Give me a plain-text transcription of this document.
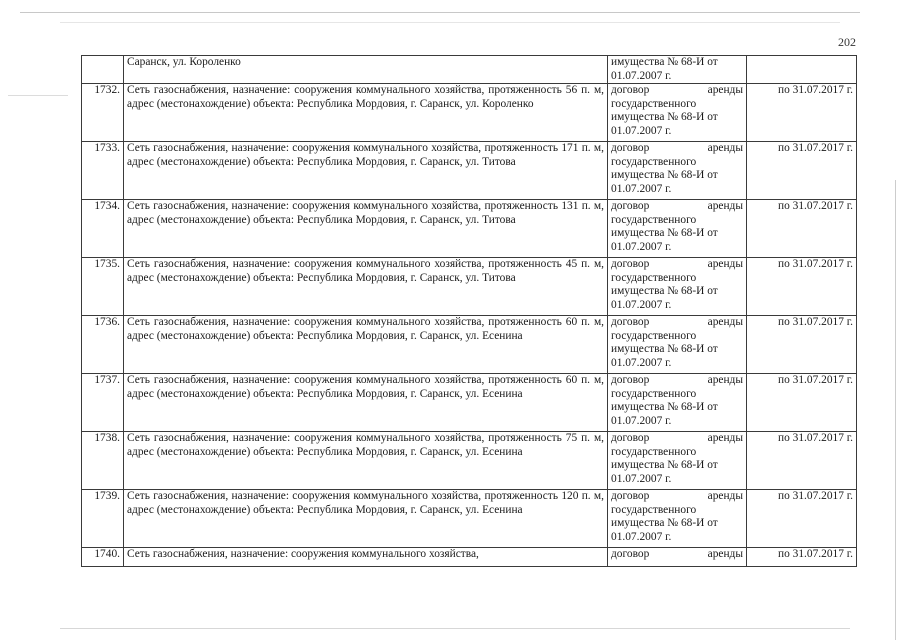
202

	Саранск, ул. Короленко	имущества № 68-И от
01.07.2007 г.	

1732.	Сеть газоснабжения, назначение: сооружения коммунального хозяйства, протяженность 56 п. м, адрес (местонахождение) объекта: Республика Мордовия, г. Саранск, ул. Короленко	договор аренды
государственного
имущества № 68-И от
01.07.2007 г.	по 31.07.2017 г.
1733.	Сеть газоснабжения, назначение: сооружения коммунального хозяйства, протяженность 171 п. м, адрес (местонахождение) объекта: Республика Мордовия, г. Саранск, ул. Титова	договор аренды
государственного
имущества № 68-И от
01.07.2007 г.	по 31.07.2017 г.
1734.	Сеть газоснабжения, назначение: сооружения коммунального хозяйства, протяженность 131 п. м, адрес (местонахождение) объекта: Республика Мордовия, г. Саранск, ул. Титова	договор аренды
государственного
имущества № 68-И от
01.07.2007 г.	по 31.07.2017 г.
1735.	Сеть газоснабжения, назначение: сооружения коммунального хозяйства, протяженность 45 п. м, адрес (местонахождение) объекта: Республика Мордовия, г. Саранск, ул. Титова	договор аренды
государственного
имущества № 68-И от
01.07.2007 г.	по 31.07.2017 г.
1736.	Сеть газоснабжения, назначение: сооружения коммунального хозяйства, протяженность 60 п. м, адрес (местонахождение) объекта: Республика Мордовия, г. Саранск, ул. Есенина	договор аренды
государственного
имущества № 68-И от
01.07.2007 г.	по 31.07.2017 г.
1737.	Сеть газоснабжения, назначение: сооружения коммунального хозяйства, протяженность 60 п. м, адрес (местонахождение) объекта: Республика Мордовия, г. Саранск, ул. Есенина	договор аренды
государственного
имущества № 68-И от
01.07.2007 г.	по 31.07.2017 г.
1738.	Сеть газоснабжения, назначение: сооружения коммунального хозяйства, протяженность 75 п. м, адрес (местонахождение) объекта: Республика Мордовия, г. Саранск, ул. Есенина	договор аренды
государственного
имущества № 68-И от
01.07.2007 г.	по 31.07.2017 г.
1739.	Сеть газоснабжения, назначение: сооружения коммунального хозяйства, протяженность 120 п. м, адрес (местонахождение) объекта: Республика Мордовия, г. Саранск, ул. Есенина	договор аренды
государственного
имущества № 68-И от
01.07.2007 г.	по 31.07.2017 г.
1740.	Сеть газоснабжения, назначение: сооружения коммунального хозяйства,	договор аренды	по 31.07.2017 г.
